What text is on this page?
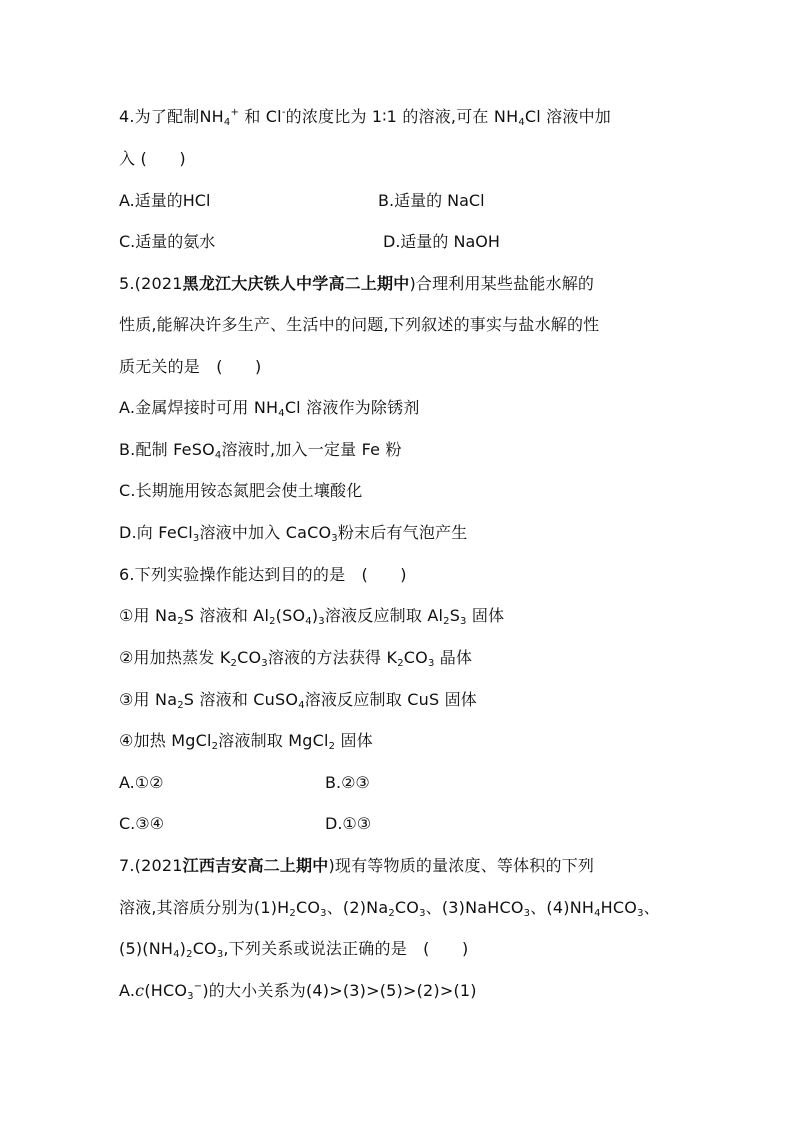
4.为了配制$NH_4^+$ 和 Cl-的浓度比为 1∶1 的溶液,可在 $NH_4Cl$ 溶液中加
入 (　　)
A.适量的HCl	B.适量的 NaCl
C.适量的氨水	D.适量的 NaOH
5.(2021黑龙江大庆铁人中学高二上期中)合理利用某些盐能水解的
性质,能解决许多生产、生活中的问题,下列叙述的事实与盐水解的性
质无关的是　(　　)
A.金属焊接时可用 $NH_4Cl$ 溶液作为除锈剂
B.配制 FeSO$_4$溶液时,加入一定量 Fe 粉
C.长期施用铵态氮肥会使土壤酸化
D.向 FeCl$_3$溶液中加入 CaCO$_3$粉末后有气泡产生
6.下列实验操作能达到目的的是　(　　)
①用 $Na_2S$ 溶液和 $Al_2(SO_4)_3$溶液反应制取 $Al_2S_3$ 固体
②用加热蒸发 $K_2CO_3$溶液的方法获得 $K_2CO_3$ 晶体
③用 $Na_2S$ 溶液和 CuSO$_4$溶液反应制取 CuS 固体
④加热 MgCl$_2$溶液制取 MgCl$_2$ 固体
A.①②	B.②③
C.③④	D.①③
7.(2021江西吉安高二上期中)现有等物质的量浓度、等体积的下列
溶液,其溶质分别为$(1)H_2CO_3$、$(2)Na_2CO_3$、(3)NaHCO$_3$、$(4)NH_4HCO_3$、
$(5)(NH_4)_2CO_3$,下列关系或说法正确的是　(　　)
$A.c(HCO_3^-)$的大小关系为(4)>(3)>(5)>(2)>(1)
